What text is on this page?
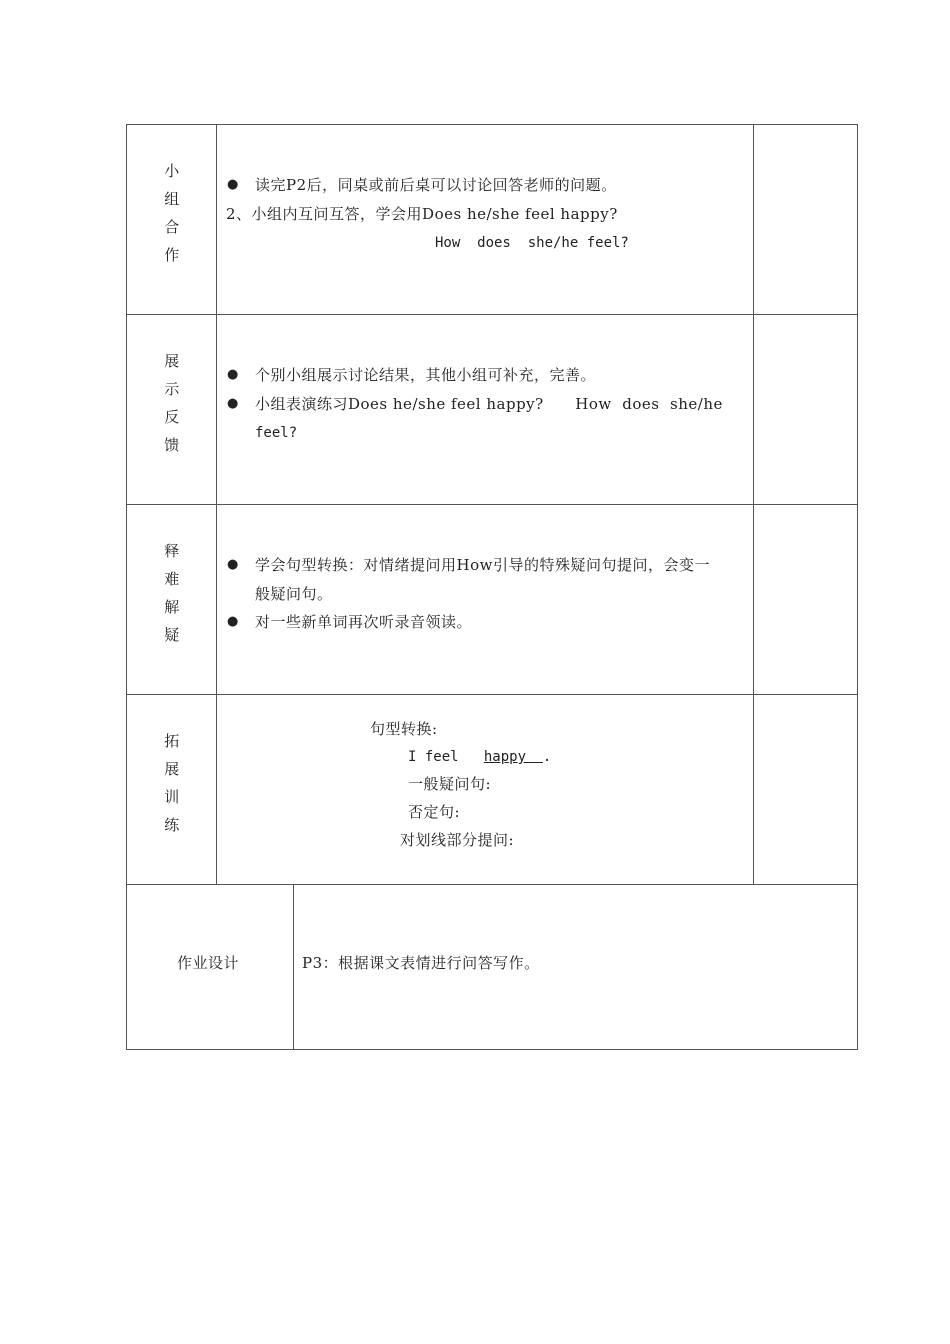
小
组
合
作
● 读完P2后，同桌或前后桌可以讨论回答老师的问题。
2、小组内互问互答，学会用Does he/she feel happy?
How  does  she/he feel?
展
示
反
馈
● 个别小组展示讨论结果，其他小组可补充，完善。
● 小组表演练习Does he/she feel happy?      How  does  she/he
feel?
释
难
解
疑
● 学会句型转换：对情绪提问用How引导的特殊疑问句提问，会变一
般疑问句。
● 对一些新单词再次听录音领读。
拓
展
训
练
句型转换:
I feel happy  .
一般疑问句:
否定句:
对划线部分提问:
作业设计	P3：根据课文表情进行问答写作。
